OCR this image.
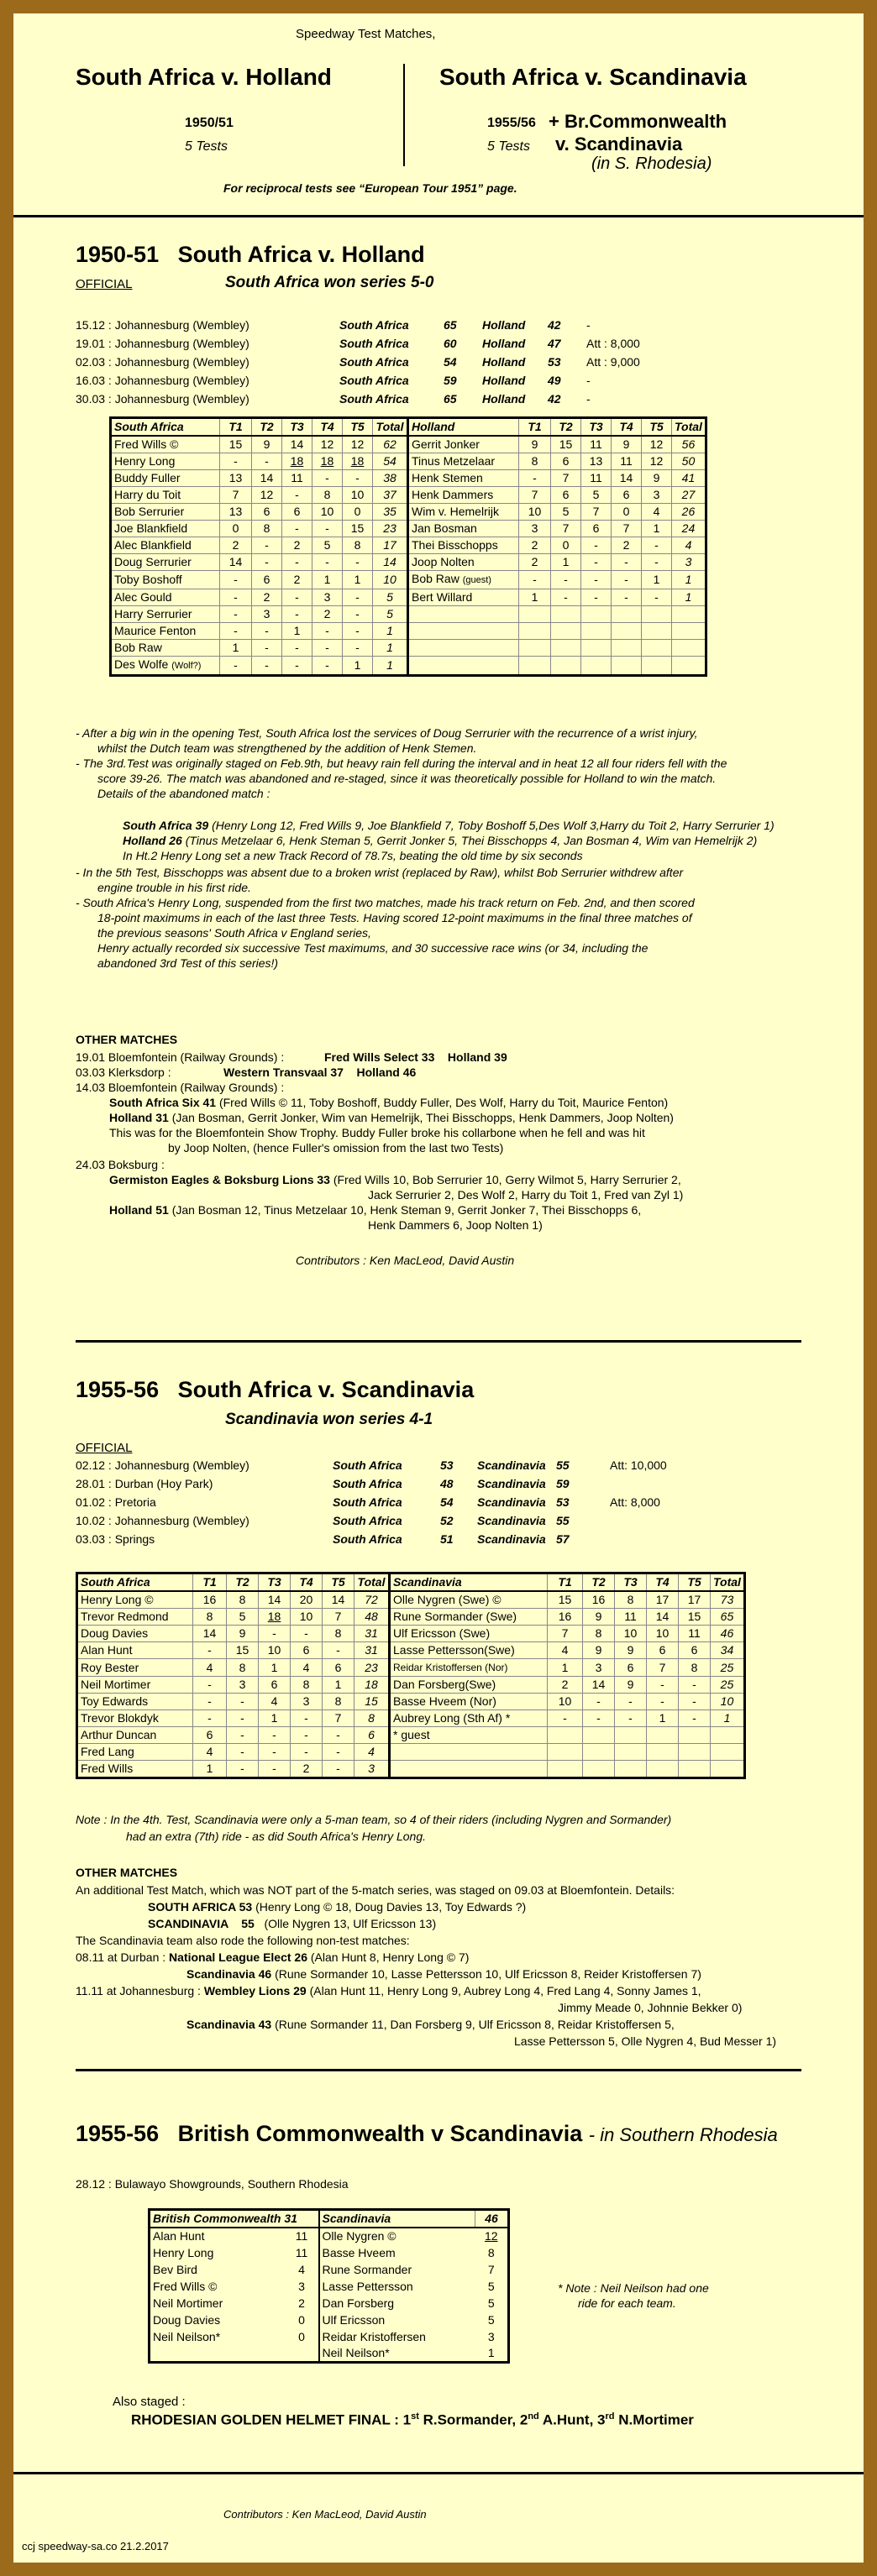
Speedway Test Matches,
South Africa v. Holland
1950/51
5 Tests
South Africa v. Scandinavia
1955/56
5 Tests
+ Br.Commonwealth
v. Scandinavia
(in S. Rhodesia)
For reciprocal tests see “European Tour 1951” page.
1950-51 South Africa v. Holland
OFFICIAL	South Africa won series 5-0
15.12 : Johannesburg (Wembley)	South Africa	65 Holland 42 -
19.01 : Johannesburg (Wembley)	South Africa	60 Holland 47 Att : 8,000
02.03 : Johannesburg (Wembley)	South Africa	54 Holland 53 Att : 9,000
16.03 : Johannesburg (Wembley)	South Africa	59 Holland 49 -
30.03 : Johannesburg (Wembley)	South Africa	65 Holland 42 -
South Africa	T1	T2	T3	T4	T5	Total	Holland	T1	T2	T3	T4	T5	Total
Fred Wills ©	15	9	14	12	12	62	Gerrit Jonker	9	15	11	9	12	56
Henry Long	-	-	18	18	18	54	Tinus Metzelaar	8	6	13	11	12	50
Buddy Fuller	13	14	11	-	-	38	Henk Stemen	-	7	11	14	9	41
Harry du Toit	7	12	-	8	10	37	Henk Dammers	7	6	5	6	3	27
Bob Serrurier	13	6	6	10	0	35	Wim v. Hemelrijk	10	5	7	0	4	26
Joe Blankfield	0	8	-	-	15	23	Jan Bosman	3	7	6	7	1	24
Alec Blankfield	2	-	2	5	8	17	Thei Bisschopps	2	0	-	2	-	4
Doug Serrurier	14	-	-	-	-	14	Joop Nolten	2	1	-	-	-	3
Toby Boshoff	-	6	2	1	1	10	Bob Raw (guest)	-	-	-	-	1	1
Alec Gould	-	2	-	3	-	5	Bert Willard	1	-	-	-	-	1
Harry Serrurier	-	3	-	2	-	5							
Maurice Fenton	-	-	1	-	-	1							
Bob Raw	1	-	-	-	-	1							
Des Wolfe (Wolf?)	-	-	-	-	1	1							
- After a big win in the opening Test, South Africa lost the services of Doug Serrurier with the recurrence of a wrist injury,
whilst the Dutch team was strengthened by the addition of Henk Stemen.
- The 3rd.Test was originally staged on Feb.9th, but heavy rain fell during the interval and in heat 12 all four riders fell with the
score 39-26. The match was abandoned and re-staged, since it was theoretically possible for Holland to win the match.
Details of the abandoned match :
In Ht.2 Henry Long set a new Track Record of 78.7s, beating the old time by six seconds
- In the 5th Test, Bisschopps was absent due to a broken wrist (replaced by Raw), whilst Bob Serrurier withdrew after
engine trouble in his first ride.
- South Africa's Henry Long, suspended from the first two matches, made his track return on Feb. 2nd, and then scored
18-point maximums in each of the last three Tests. Having scored 12-point maximums in the final three matches of
the previous seasons' South Africa v England series,
Henry actually recorded six successive Test maximums, and 30 successive race wins (or 34, including the
abandoned 3rd Test of this series!)
South Africa 39 (Henry Long 12, Fred Wills 9, Joe Blankfield 7, Toby Boshoff 5,Des Wolf 3,Harry du Toit 2, Harry Serrurier 1)
Holland 26 (Tinus Metzelaar 6, Henk Steman 5, Gerrit Jonker 5, Thei Bisschopps 4, Jan Bosman 4, Wim van Hemelrijk 2)
OTHER MATCHES
19.01 Bloemfontein (Railway Grounds) :	Fred Wills Select 33    Holland 39
03.03 Klerksdorp :	Western Transvaal 37    Holland 46
14.03 Bloemfontein (Railway Grounds) :
South Africa Six 41 (Fred Wills © 11, Toby Boshoff, Buddy Fuller, Des Wolf, Harry du Toit, Maurice Fenton)
Holland 31 (Jan Bosman, Gerrit Jonker, Wim van Hemelrijk, Thei Bisschopps, Henk Dammers, Joop Nolten)
This was for the Bloemfontein Show Trophy. Buddy Fuller broke his collarbone when he fell and was hit
by Joop Nolten, (hence Fuller's omission from the last two Tests)
24.03 Boksburg :
Germiston Eagles & Boksburg Lions 33 (Fred Wills 10, Bob Serrurier 10, Gerry Wilmot 5, Harry Serrurier 2,
Jack Serrurier 2, Des Wolf 2, Harry du Toit 1, Fred van Zyl 1)
Holland 51 (Jan Bosman 12, Tinus Metzelaar 10, Henk Steman 9, Gerrit Jonker 7, Thei Bisschopps 6,
Henk Dammers 6, Joop Nolten 1)
Contributors : Ken MacLeod, David Austin
1955-56 South Africa v. Scandinavia
Scandinavia won series 4-1
OFFICIAL
02.12 : Johannesburg (Wembley)	South Africa	53 Scandinavia 55	Att: 10,000
28.01 : Durban (Hoy Park)	South Africa	48 Scandinavia 59
01.02 : Pretoria	South Africa	54 Scandinavia 53	Att: 8,000
10.02 : Johannesburg (Wembley)	South Africa	52 Scandinavia 55
03.03 : Springs	South Africa	51 Scandinavia 57
South Africa	T1	T2	T3	T4	T5	Total	Scandinavia	T1	T2	T3	T4	T5	Total
Henry Long ©	16	8	14	20	14	72	Olle Nygren (Swe) ©	15	16	8	17	17	73
Trevor Redmond	8	5	18	10	7	48	Rune Sormander (Swe)	16	9	11	14	15	65
Doug Davies	14	9	-	-	8	31	Ulf Ericsson (Swe)	7	8	10	10	11	46
Alan Hunt	-	15	10	6	-	31	Lasse Pettersson(Swe)	4	9	9	6	6	34
Roy Bester	4	8	1	4	6	23	Reidar Kristoffersen (Nor)	1	3	6	7	8	25
Neil Mortimer	-	3	6	8	1	18	Dan Forsberg(Swe)	2	14	9	-	-	25
Toy Edwards	-	-	4	3	8	15	Basse Hveem (Nor)	10	-	-	-	-	10
Trevor Blokdyk	-	-	1	-	7	8	Aubrey Long (Sth Af) *	-	-	-	1	-	1
Arthur Duncan	6	-	-	-	-	6	* guest						
Fred Lang	4	-	-	-	-	4							
Fred Wills	1	-	-	2	-	3							
Note : In the 4th. Test, Scandinavia were only a 5-man team, so 4 of their riders (including Nygren and Sormander)
had an extra (7th) ride - as did South Africa's Henry Long.
OTHER MATCHES
An additional Test Match, which was NOT part of the 5-match series, was staged on 09.03 at Bloemfontein. Details:
SOUTH AFRICA 53 (Henry Long © 18, Doug Davies 13, Toy Edwards ?)
SCANDINAVIA    55 (Olle Nygren 13, Ulf Ericsson 13)
The Scandinavia team also rode the following non-test matches:
08.11 at Durban : National League Elect 26 (Alan Hunt 8, Henry Long © 7)
Scandinavia 46 (Rune Sormander 10, Lasse Pettersson 10, Ulf Ericsson 8, Reider Kristoffersen 7)
11.11 at Johannesburg : Wembley Lions 29 (Alan Hunt 11, Henry Long 9, Aubrey Long 4, Fred Lang 4, Sonny James 1,
Jimmy Meade 0, Johnnie Bekker 0)
Scandinavia 43 (Rune Sormander 11, Dan Forsberg 9, Ulf Ericsson 8, Reidar Kristoffersen 5,
Lasse Pettersson 5, Olle Nygren 4, Bud Messer 1)
1955-56 British Commonwealth v Scandinavia - in Southern Rhodesia
28.12 : Bulawayo Showgrounds, Southern Rhodesia
British Commonwealth 31		Scandinavia	46
Alan Hunt	11	Olle Nygren ©	12
Henry Long	11	Basse Hveem	8
Bev Bird	4	Rune Sormander	7
Fred Wills ©	3	Lasse Pettersson	5
Neil Mortimer	2	Dan Forsberg	5
Doug Davies	0	Ulf Ericsson	5
Neil Neilson*	0	Reidar Kristoffersen	3
		Neil Neilson*	1
* Note : Neil Neilson had one
ride for each team.
Also staged :
RHODESIAN GOLDEN HELMET FINAL : 1st R.Sormander, 2nd A.Hunt, 3rd N.Mortimer
Contributors : Ken MacLeod, David Austin
ccj speedway-sa.co 21.2.2017
